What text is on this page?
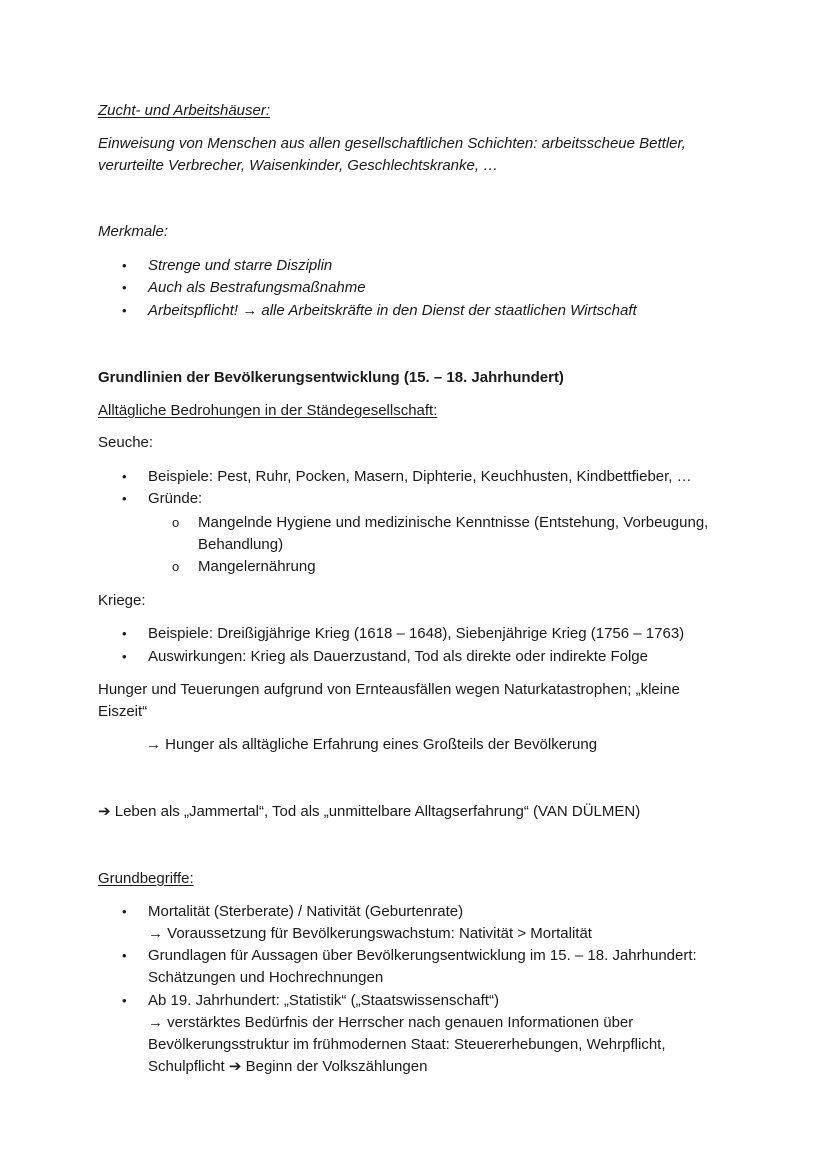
Zucht- und Arbeitshäuser:
Einweisung von Menschen aus allen gesellschaftlichen Schichten: arbeitsscheue Bettler,
verurteilte Verbrecher, Waisenkinder, Geschlechtskranke, …
Merkmale:
•	Strenge und starre Disziplin
•	Auch als Bestrafungsmaßnahme
•	Arbeitspflicht! → alle Arbeitskräfte in den Dienst der staatlichen Wirtschaft
Grundlinien der Bevölkerungsentwicklung (15. – 18. Jahrhundert)
Alltägliche Bedrohungen in der Ständegesellschaft:
Seuche:
•	Beispiele: Pest, Ruhr, Pocken, Masern, Diphterie, Keuchhusten, Kindbettfieber, …
•	Gründe:
o Mangelnde Hygiene und medizinische Kenntnisse (Entstehung, Vorbeugung,
Behandlung)
o Mangelernährung
Kriege:
•	Beispiele: Dreißigjährige Krieg (1618 – 1648), Siebenjährige Krieg (1756 – 1763)
•	Auswirkungen: Krieg als Dauerzustand, Tod als direkte oder indirekte Folge
Hunger und Teuerungen aufgrund von Ernteausfällen wegen Naturkatastrophen; „kleine
Eiszeit“
→ Hunger als alltägliche Erfahrung eines Großteils der Bevölkerung
➔ Leben als „Jammertal“, Tod als „unmittelbare Alltagserfahrung“ (VAN DÜLMEN)
Grundbegriffe:
•	Mortalität (Sterberate) / Nativität (Geburtenrate)
→ Voraussetzung für Bevölkerungswachstum: Nativität > Mortalität
•	Grundlagen für Aussagen über Bevölkerungsentwicklung im 15. – 18. Jahrhundert:
Schätzungen und Hochrechnungen
•	Ab 19. Jahrhundert: „Statistik“ („Staatswissenschaft“)
→ verstärktes Bedürfnis der Herrscher nach genauen Informationen über
Bevölkerungsstruktur im frühmodernen Staat: Steuererhebungen, Wehrpflicht,
Schulpflicht ➔ Beginn der Volkszählungen
